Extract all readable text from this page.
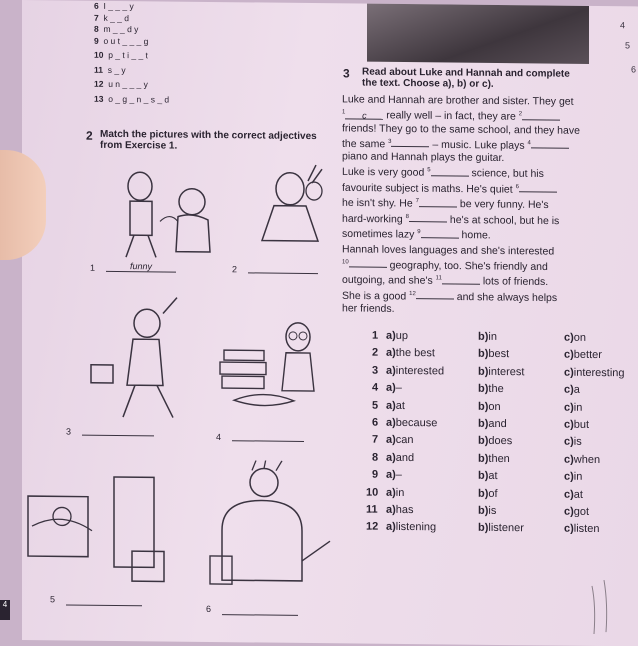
6 I _ _ _ y
7 k _ _ d
8 m _ _ d y
9 o u t _ _ _ g
10 p _ t i _ _ t
11 s _ y
12 u n _ _ _ y
13 o _ g _ n _ s _ d
2 Match the pictures with the correct adjectives
from Exercise 1.
1	funny	2
3
4
5
6
3 Read about Luke and Hannah and complete
the text. Choose a), b) or c).
Luke and Hannah are brother and sister. They get
$^1$ c really well – in fact, they are $^2$
friends! They go to the same school, and they have
the same $^3$	– music. Luke plays $^4$
piano and Hannah plays the guitar.
Luke is very good $^5$	science, but his
favourite subject is maths. He's quiet $^6$
he isn't shy. He $^7$	be very funny. He's
hard-working $^8$	he's at school, but he is
sometimes lazy $^9$	home.
Hannah loves languages and she's interested
$^{10}$	geography, too. She's friendly and
outgoing, and she's $^{11}$	lots of friends.
She is a good $^{12}$	and she always helps
her friends.
1 a) up	b) in	c) on
2 a) the best	b) best	c) better
3 a) interested	b) interest	c) interesting
4 a) –	b) the	c) a
5 a) at	b) on	c) in
6 a) because	b) and	c) but
7 a) can	b) does	c) is
8 a) and	b) then	c) when
9 a) –	b) at	c) in
10 a) in	b) of	c) at
11 a) has	b) is	c) got
12 a) listening	b) listener	c) listen
4
5
6
4
